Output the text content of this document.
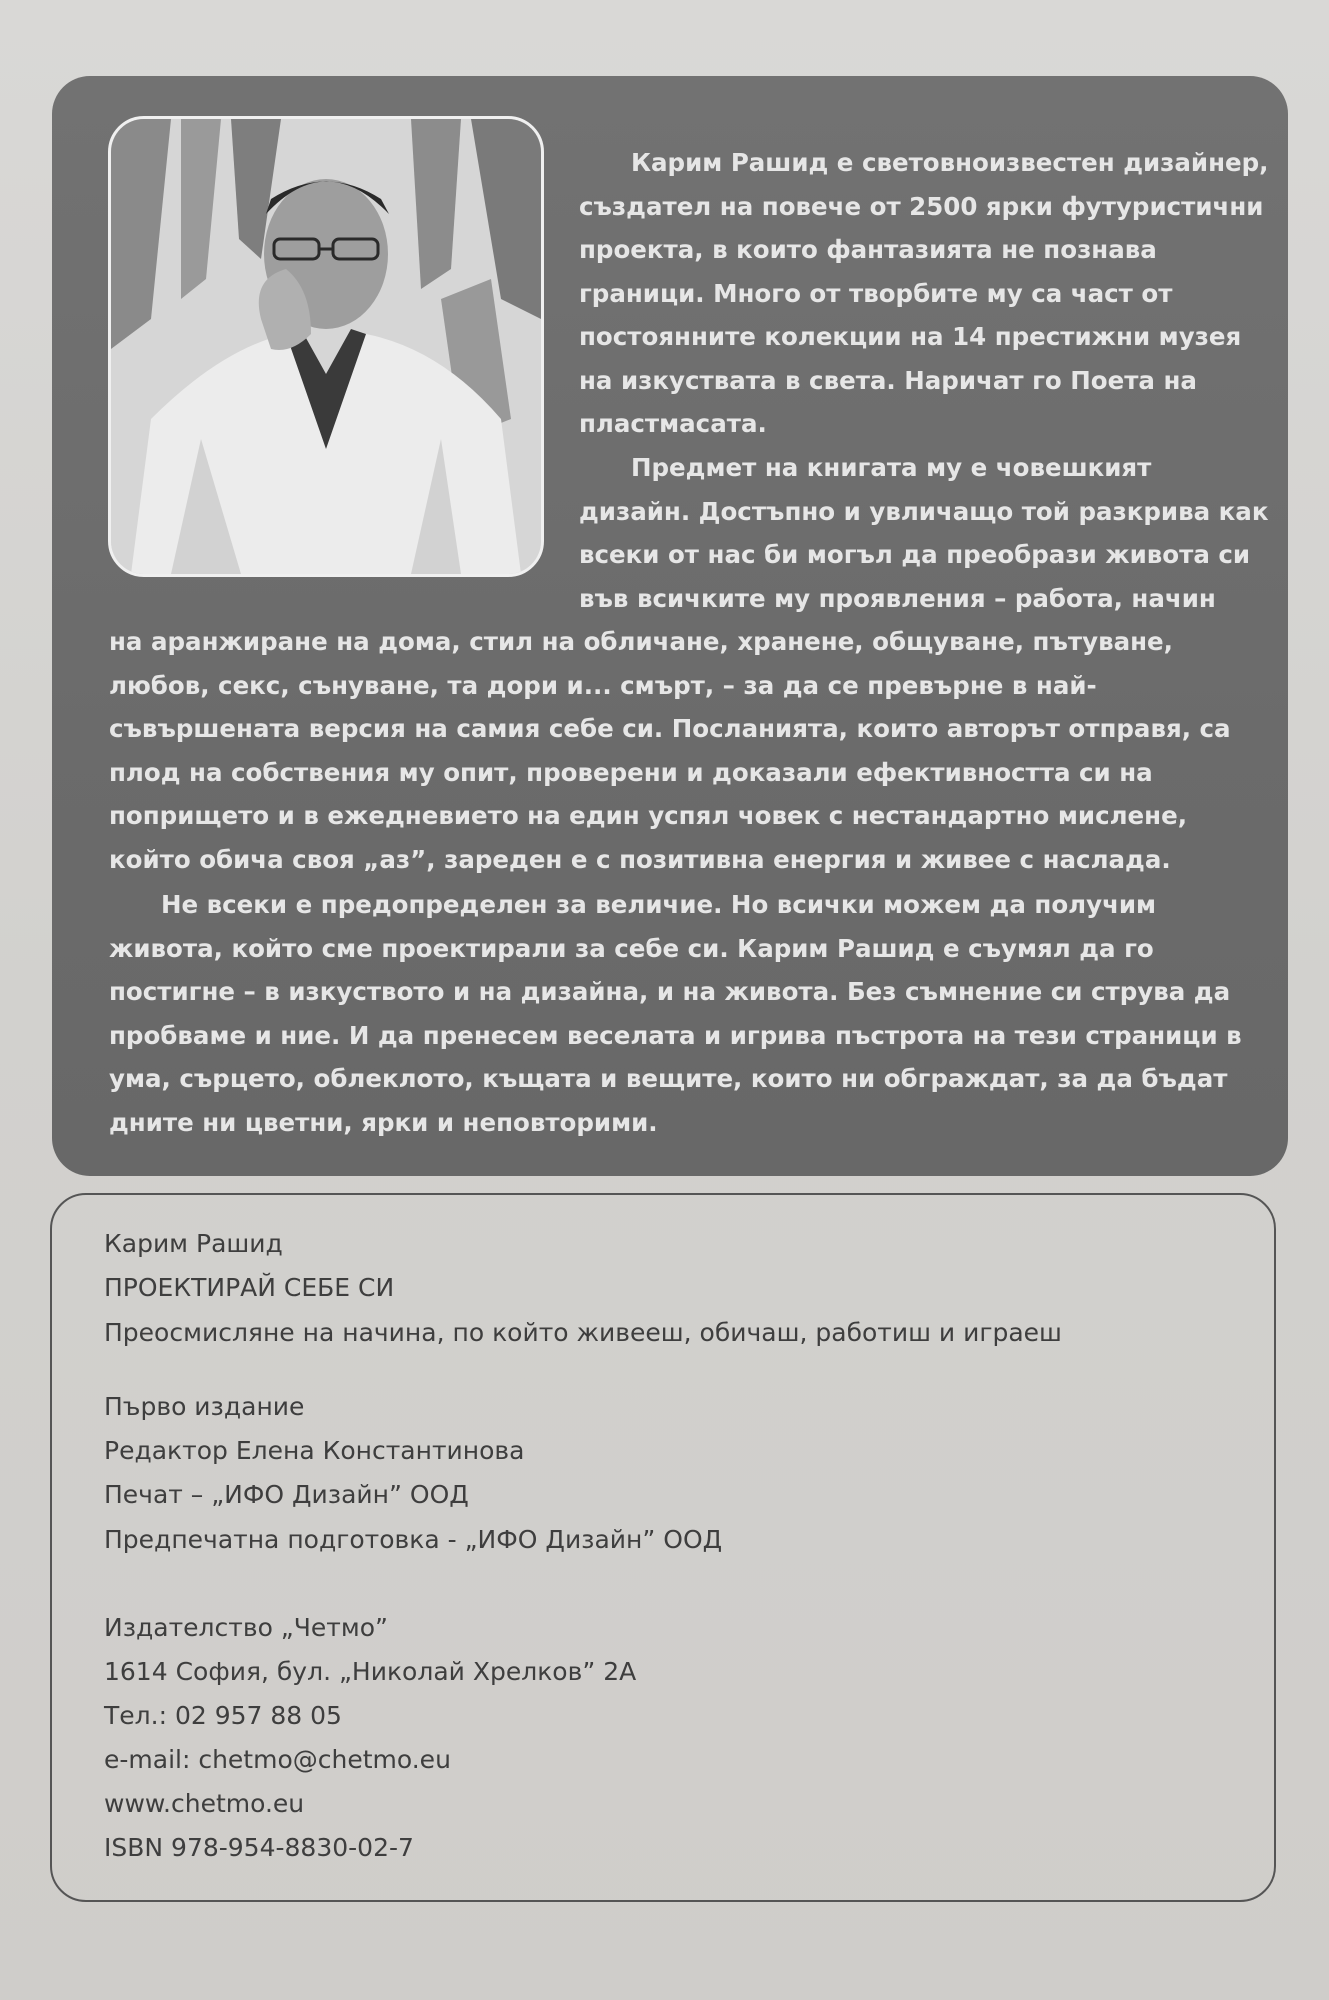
Карим Рашид е световноизвестен дизайнер, създател на повече от 2500 ярки футуристични проекта, в които фантазията не познава граници. Много от творбите му са част от постоянните колекции на 14 престижни музея на изкуствата в света. Наричат го Поета на пластмасата.

Предмет на книгата му е човешкият дизайн. Достъпно и увличащо той разкрива как всеки от нас би могъл да преобрази живота си във всичките му проявления – работа, начин

на аранжиране на дома, стил на обличане, хранене, общуване, пътуване, любов, секс, сънуване, та дори и... смърт, – за да се превърне в най-съвършената версия на самия себе си. Посланията, които авторът отправя, са плод на собствения му опит, проверени и доказали ефективността си на попрището и в ежедневието на един успял човек с нестандартно мислене, който обича своя „аз”, зареден е с позитивна енергия и живее с наслада.

Не всеки е предопределен за величие. Но всички можем да получим живота, който сме проектирали за себе си. Карим Рашид е съумял да го постигне – в изкуството и на дизайна, и на живота. Без съмнение си струва да пробваме и ние. И да пренесем веселата и игрива пъстрота на тези страници в ума, сърцето, облеклото, къщата и вещите, които ни обграждат, за да бъдат дните ни цветни, ярки и неповторими.

Карим Рашид

ПРОЕКТИРАЙ СЕБЕ СИ

Преосмисляне на начина, по който живееш, обичаш, работиш и играеш

Първо издание

Редактор Елена Константинова

Печат – „ИФО Дизайн” ООД

Предпечатна подготовка - „ИФО Дизайн” ООД

Издателство „Четмо”

1614 София, бул. „Николай Хрелков” 2А

Тел.: 02 957 88 05

e-mail: chetmo@chetmo.eu

www.chetmo.eu

ISBN 978-954-8830-02-7
